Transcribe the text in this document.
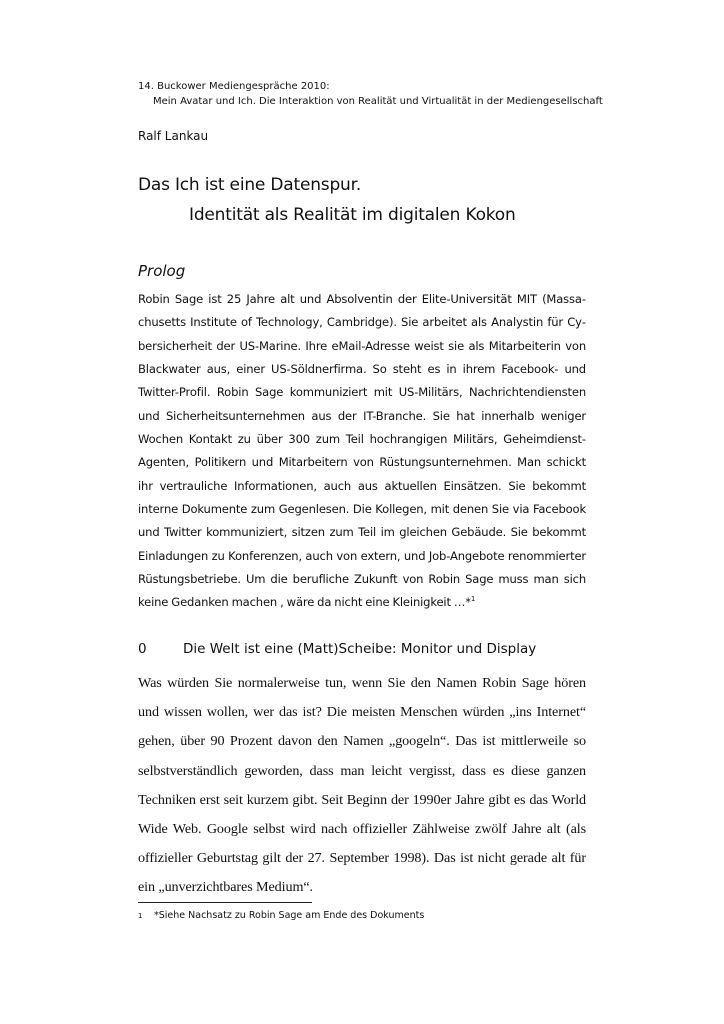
14. Buckower Mediengespräche 2010:
Mein Avatar und Ich. Die Interaktion von Realität und Virtualität in der Mediengesellschaft
Ralf Lankau
Das Ich ist eine Datenspur.
Identität als Realität im digitalen Kokon
Prolog
Robin Sage ist 25 Jahre alt und Absolventin der Elite-Universität MIT (Massachusetts Institute of Technology, Cambridge). Sie arbeitet als Analystin für Cybersicherheit der US-Marine. Ihre eMail-Adresse weist sie als Mitarbeiterin von Blackwater aus, einer US-Söldnerfirma. So steht es in ihrem Facebook- und Twitter-Profil. Robin Sage kommuniziert mit US-Militärs, Nachrichtendiensten und Sicherheitsunternehmen aus der IT-Branche. Sie hat innerhalb weniger Wochen Kontakt zu über 300 zum Teil hochrangigen Militärs, GeheimdienstAgenten, Politikern und Mitarbeitern von Rüstungsunternehmen. Man schickt ihr vertrauliche Informationen, auch aus aktuellen Einsätzen. Sie bekommt interne Dokumente zum Gegenlesen. Die Kollegen, mit denen Sie via Facebook und Twitter kommuniziert, sitzen zum Teil im gleichen Gebäude. Sie bekommt Einladungen zu Konferenzen, auch von extern, und Job-Angebote renommierter Rüstungsbetriebe. Um die berufliche Zukunft von Robin Sage muss man sich keine Gedanken machen , wäre da nicht eine Kleinigkeit …*$^1$
0	Die Welt ist eine (Matt)Scheibe: Monitor und Display
Was würden Sie normalerweise tun, wenn Sie den Namen Robin Sage hören und wissen wollen, wer das ist? Die meisten Menschen würden „ins Internet“ gehen, über 90 Prozent davon den Namen „googeln“. Das ist mittlerweile so selbstverständlich geworden, dass man leicht vergisst, dass es diese ganzen Techniken erst seit kurzem gibt. Seit Beginn der 1990er Jahre gibt es das World Wide Web. Google selbst wird nach offizieller Zählweise zwölf Jahre alt (als offizieller Geburtstag gilt der 27. September 1998). Das ist nicht gerade alt für ein „unverzichtbares Medium“.
1 *Siehe Nachsatz zu Robin Sage am Ende des Dokuments
